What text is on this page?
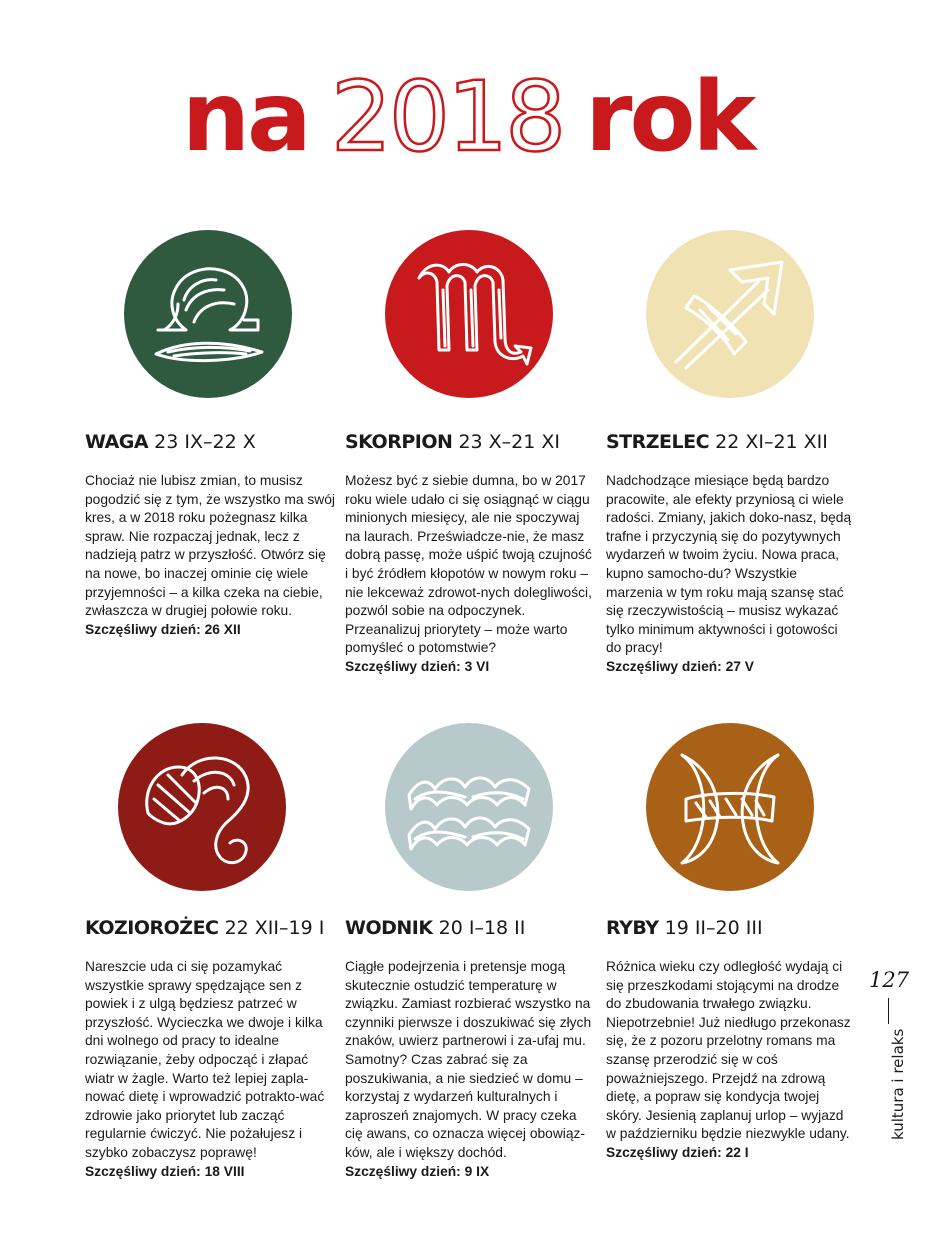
na 2018 rok

WAGA 23 IX–22 X

Chociaż nie lubisz zmian, to musisz pogodzić się z tym, że wszystko ma swój kres, a w 2018 roku pożegnasz kilka spraw. Nie rozpaczaj jednak, lecz z nadzieją patrz w przyszłość. Otwórz się na nowe, bo inaczej ominie cię wiele przyjemności – a kilka czeka na ciebie, zwłaszcza w drugiej połowie roku.

Szczęśliwy dzień: 26 XII

SKORPION 23 X–21 XI

Możesz być z siebie dumna, bo w 2017 roku wiele udało ci się osiągnąć w ciągu minionych miesięcy, ale nie spoczywaj na laurach. Przeświadcze-nie, że masz dobrą passę, może uśpić twoją czujność i być źródłem kłopotów w nowym roku – nie lekceważ zdrowot-nych dolegliwości, pozwól sobie na odpoczynek. Przeanalizuj priorytety – może warto pomyśleć o potomstwie?

Szczęśliwy dzień: 3 VI

STRZELEC 22 XI–21 XII

Nadchodzące miesiące będą bardzo pracowite, ale efekty przyniosą ci wiele radości. Zmiany, jakich doko-nasz, będą trafne i przyczynią się do pozytywnych wydarzeń w twoim życiu. Nowa praca, kupno samocho-du? Wszystkie marzenia w tym roku mają szansę stać się rzeczywistością – musisz wykazać tylko minimum aktywności i gotowości do pracy!

Szczęśliwy dzień: 27 V

KOZIOROŻEC 22 XII–19 I

Nareszcie uda ci się pozamykać wszystkie sprawy spędzające sen z powiek i z ulgą będziesz patrzeć w przyszłość. Wycieczka we dwoje i kilka dni wolnego od pracy to idealne rozwiązanie, żeby odpocząć i złapać wiatr w żagle. Warto też lepiej zapla-nować dietę i wprowadzić potrakto-wać zdrowie jako priorytet lub zacząć regularnie ćwiczyć. Nie pożałujesz i szybko zobaczysz poprawę!

Szczęśliwy dzień: 18 VIII

WODNIK 20 I–18 II

Ciągłe podejrzenia i pretensje mogą skutecznie ostudzić temperaturę w związku. Zamiast rozbierać wszystko na czynniki pierwsze i doszukiwać się złych znaków, uwierz partnerowi i za-ufaj mu. Samotny? Czas zabrać się za poszukiwania, a nie siedzieć w domu – korzystaj z wydarzeń kulturalnych i zaproszeń znajomych. W pracy czeka cię awans, co oznacza więcej obowiąz-ków, ale i większy dochód.

Szczęśliwy dzień: 9 IX

RYBY 19 II–20 III

Różnica wieku czy odległość wydają ci się przeszkodami stojącymi na drodze do zbudowania trwałego związku. Niepotrzebnie! Już niedługo przekonasz się, że z pozoru przelotny romans ma szansę przerodzić się w coś poważniejszego. Przejdź na zdrową dietę, a popraw się kondycja twojej skóry. Jesienią zaplanuj urlop – wyjazd w październiku będzie niezwykle udany.

Szczęśliwy dzień: 22 I

127
kultura i relaks
